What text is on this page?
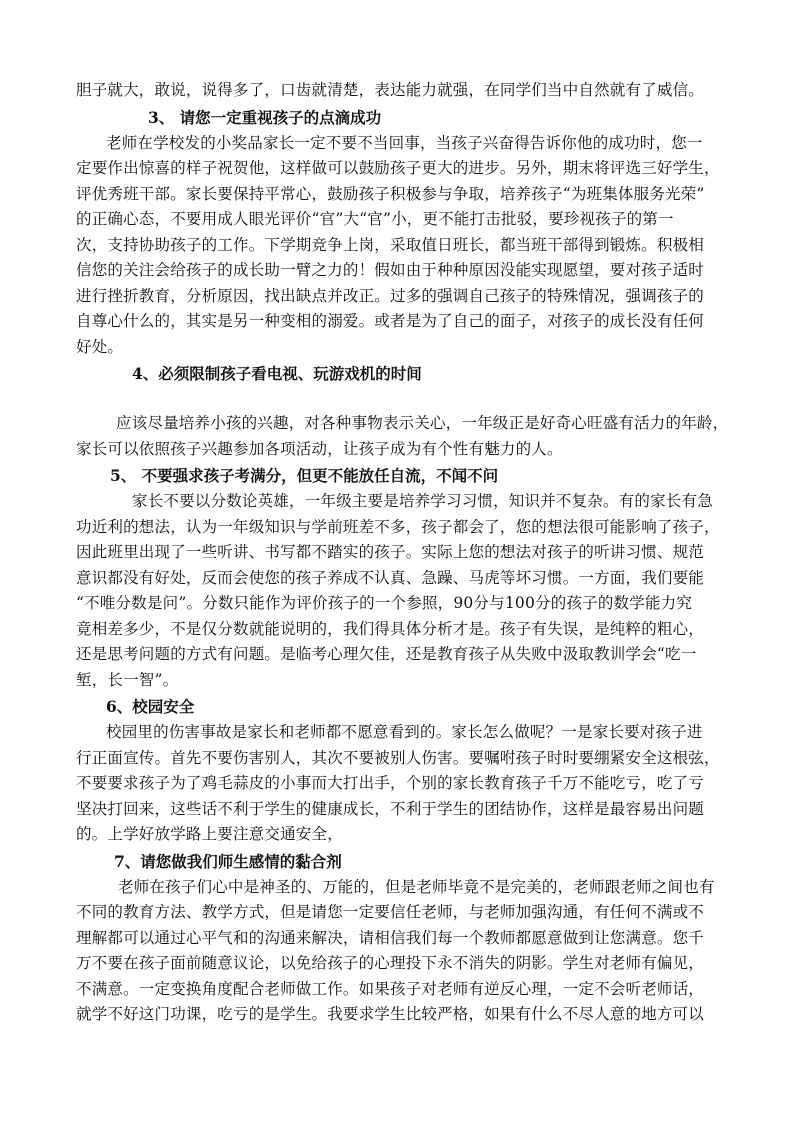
胆子就大，敢说，说得多了，口齿就清楚，表达能力就强，在同学们当中自然就有了威信。
3、 请您一定重视孩子的点滴成功
老师在学校发的小奖品家长一定不要不当回事，当孩子兴奋得告诉你他的成功时，您一
定要作出惊喜的样子祝贺他，这样做可以鼓励孩子更大的进步。另外，期末将评选三好学生，
评优秀班干部。家长要保持平常心，鼓励孩子积极参与争取，培养孩子“为班集体服务光荣”
的正确心态，不要用成人眼光评价“官”大“官”小，更不能打击批驳，要珍视孩子的第一
次，支持协助孩子的工作。下学期竞争上岗，采取值日班长，都当班干部得到锻炼。积极相
信您的关注会给孩子的成长助一臂之力的！假如由于种种原因没能实现愿望，要对孩子适时
进行挫折教育，分析原因，找出缺点并改正。过多的强调自己孩子的特殊情况，强调孩子的
自尊心什么的，其实是另一种变相的溺爱。或者是为了自己的面子，对孩子的成长没有任何
好处。
4、必须限制孩子看电视、玩游戏机的时间
应该尽量培养小孩的兴趣，对各种事物表示关心，一年级正是好奇心旺盛有活力的年龄，
家长可以依照孩子兴趣参加各项活动，让孩子成为有个性有魅力的人。
5、 不要强求孩子考满分，但更不能放任自流，不闻不问
家长不要以分数论英雄，一年级主要是培养学习习惯，知识并不复杂。有的家长有急
功近利的想法，认为一年级知识与学前班差不多，孩子都会了，您的想法很可能影响了孩子，
因此班里出现了一些听讲、书写都不踏实的孩子。实际上您的想法对孩子的听讲习惯、规范
意识都没有好处，反而会使您的孩子养成不认真、急躁、马虎等坏习惯。一方面，我们要能
“不唯分数是问”。分数只能作为评价孩子的一个参照，90分与100分的孩子的数学能力究
竟相差多少，不是仅分数就能说明的，我们得具体分析才是。孩子有失误，是纯粹的粗心，
还是思考问题的方式有问题。是临考心理欠佳，还是教育孩子从失败中汲取教训学会“吃一
堑，长一智”。
6、校园安全
校园里的伤害事故是家长和老师都不愿意看到的。家长怎么做呢？一是家长要对孩子进
行正面宣传。首先不要伤害别人，其次不要被别人伤害。要嘱咐孩子时时要绷紧安全这根弦，
不要要求孩子为了鸡毛蒜皮的小事而大打出手，个别的家长教育孩子千万不能吃亏，吃了亏
坚决打回来，这些话不利于学生的健康成长，不利于学生的团结协作，这样是最容易出问题
的。上学好放学路上要注意交通安全，
7、请您做我们师生感情的黏合剂
老师在孩子们心中是神圣的、万能的，但是老师毕竟不是完美的，老师跟老师之间也有
不同的教育方法、教学方式，但是请您一定要信任老师，与老师加强沟通，有任何不满或不
理解都可以通过心平气和的沟通来解决，请相信我们每一个教师都愿意做到让您满意。您千
万不要在孩子面前随意议论，以免给孩子的心理投下永不消失的阴影。学生对老师有偏见，
不满意。一定变换角度配合老师做工作。如果孩子对老师有逆反心理，一定不会听老师话，
就学不好这门功课，吃亏的是学生。我要求学生比较严格，如果有什么不尽人意的地方可以
